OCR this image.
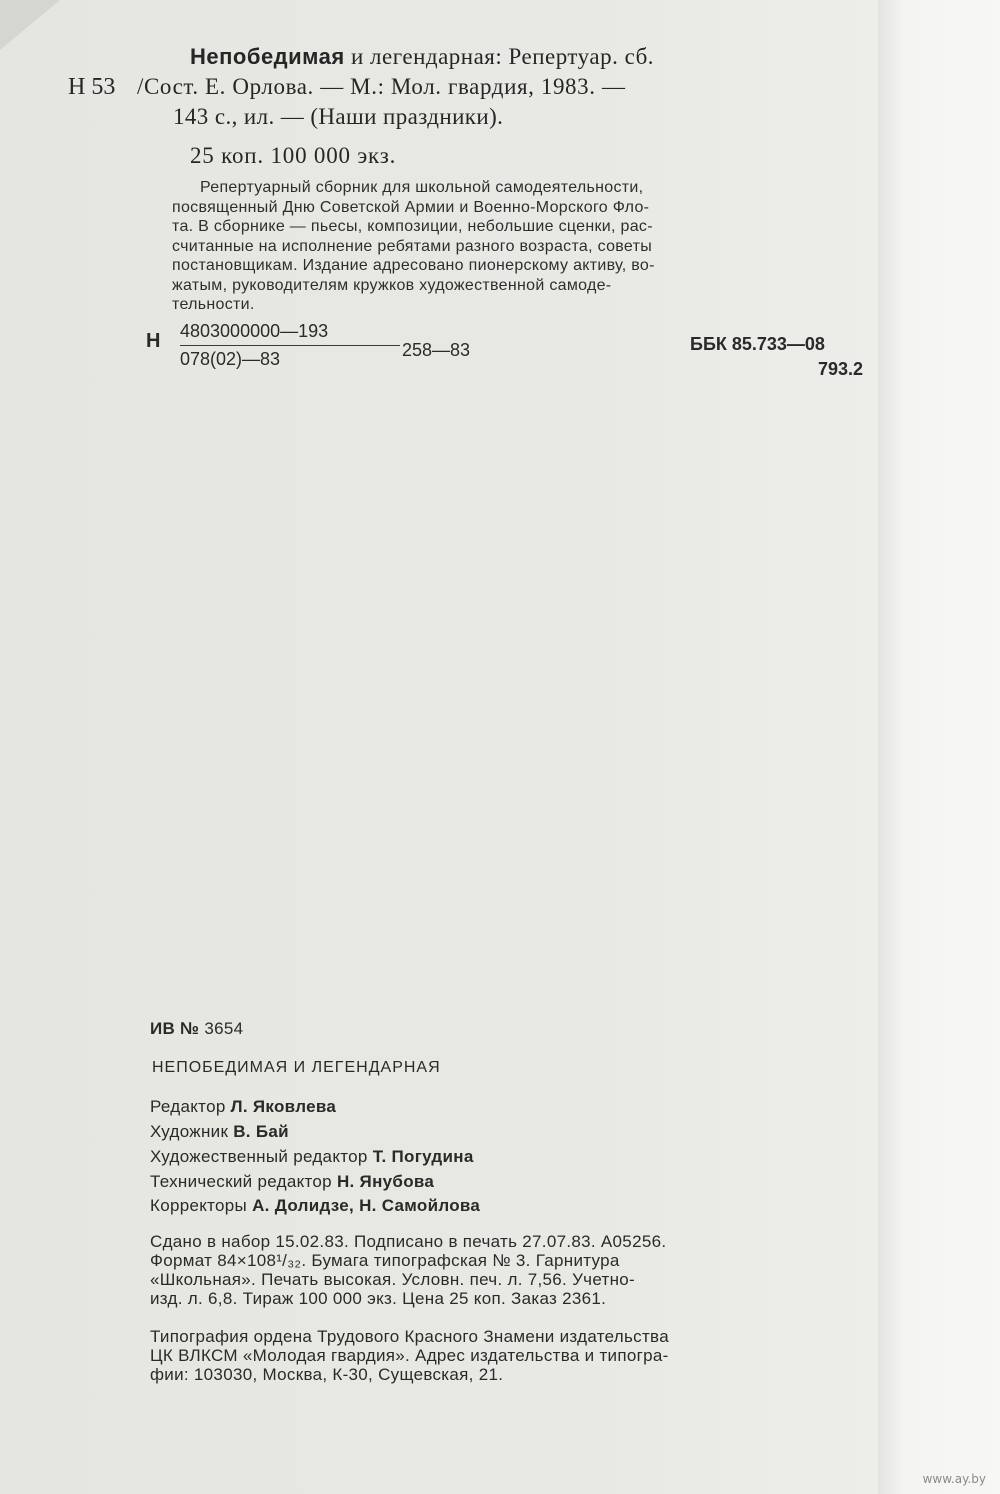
Непобедимая и легендарная: Репертуар. сб.
Н 53 /Сост. Е. Орлова. — М.: Мол. гвардия, 1983. —
143 с., ил. — (Наши праздники).
25 коп. 100 000 экз.
Репертуарный сборник для школьной самодеятельности,
посвященный Дню Советской Армии и Военно-Морского Фло-
та. В сборнике — пьесы, композиции, небольшие сценки, рас-
считанные на исполнение ребятами разного возраста, советы
постановщикам. Издание адресовано пионерскому активу, во-
жатым, руководителям кружков художественной самоде-
тельности.
Н 4803000000—193
078(02)—83	258—83	ББК 85.733—08
793.2
ИВ № 3654
НЕПОБЕДИМАЯ И ЛЕГЕНДАРНАЯ
Редактор Л. Яковлева
Художник В. Бай
Художественный редактор Т. Погудина
Технический редактор Н. Янубова
Корректоры А. Долидзе, Н. Самойлова
Сдано в набор 15.02.83. Подписано в печать 27.07.83. А05256.
Формат 84×108¹/₃₂. Бумага типографская № 3. Гарнитура
«Школьная». Печать высокая. Условн. печ. л. 7,56. Учетно-
изд. л. 6,8. Тираж 100 000 экз. Цена 25 коп. Заказ 2361.
Типография ордена Трудового Красного Знамени издательства
ЦК ВЛКСМ «Молодая гвардия». Адрес издательства и типогра-
фии: 103030, Москва, К-30, Сущевская, 21.
www.ay.by
